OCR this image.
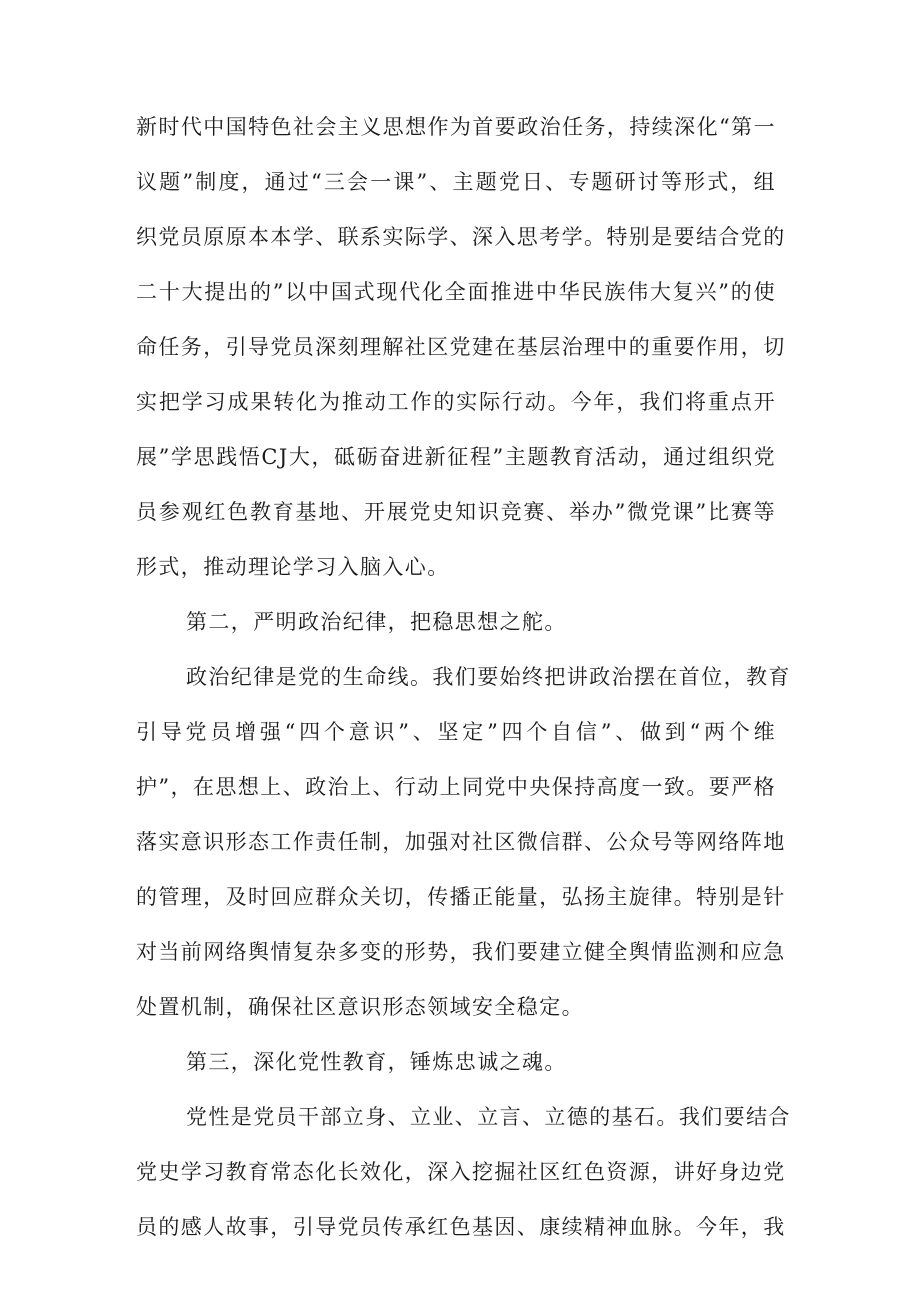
新时代中国特色社会主义思想作为首要政治任务，持续深化“第一
议题”制度，通过“三会一课”、主题党日、专题研讨等形式，组
织党员原原本本学、联系实际学、深入思考学。特别是要结合党的
二十大提出的”以中国式现代化全面推进中华民族伟大复兴”的使
命任务，引导党员深刻理解社区党建在基层治理中的重要作用，切
实把学习成果转化为推动工作的实际行动。今年，我们将重点开
展”学思践悟CJ大，砥砺奋进新征程”主题教育活动，通过组织党
员参观红色教育基地、开展党史知识竞赛、举办”微党课”比赛等
形式，推动理论学习入脑入心。
第二，严明政治纪律，把稳思想之舵。
政治纪律是党的生命线。我们要始终把讲政治摆在首位，教育
引导党员增强“四个意识”、坚定”四个自信”、做到“两个维
护”，在思想上、政治上、行动上同党中央保持高度一致。要严格
落实意识形态工作责任制，加强对社区微信群、公众号等网络阵地
的管理，及时回应群众关切，传播正能量，弘扬主旋律。特别是针
对当前网络舆情复杂多变的形势，我们要建立健全舆情监测和应急
处置机制，确保社区意识形态领域安全稳定。
第三，深化党性教育，锤炼忠诚之魂。
党性是党员干部立身、立业、立言、立德的基石。我们要结合
党史学习教育常态化长效化，深入挖掘社区红色资源，讲好身边党
员的感人故事，引导党员传承红色基因、康续精神血脉。今年，我
